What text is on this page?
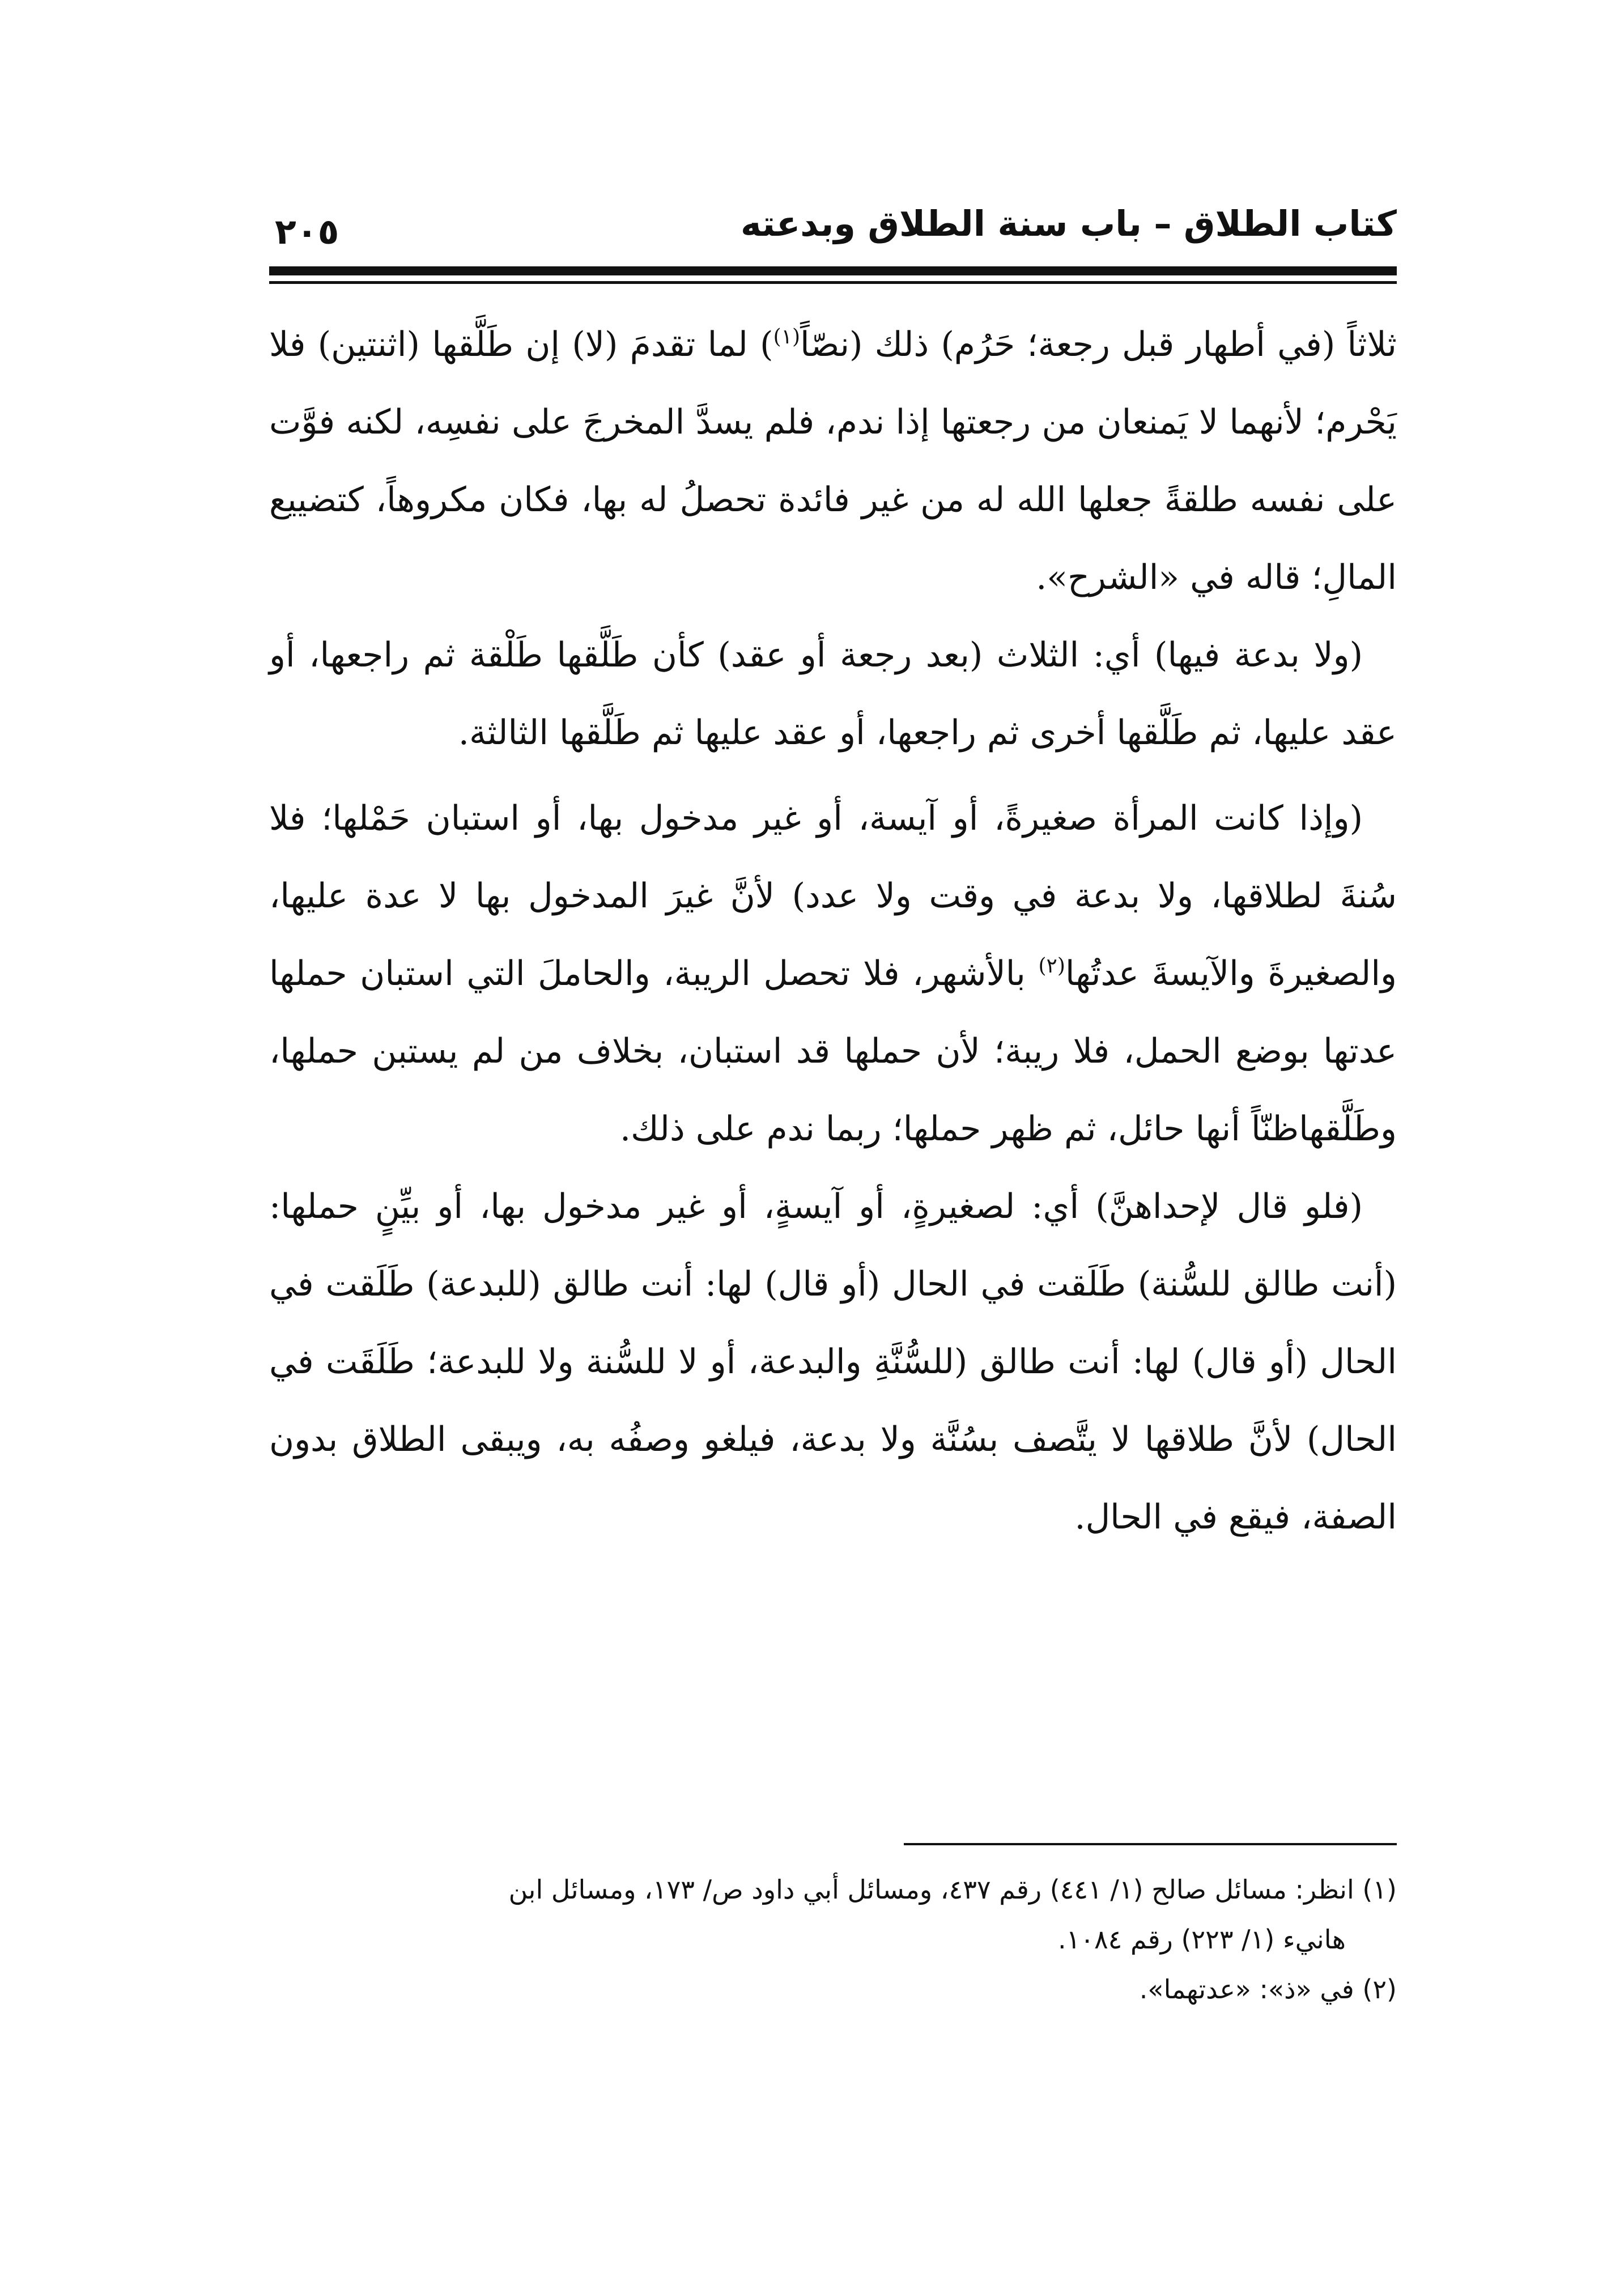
كتاب الطلاق – باب سنة الطلاق وبدعته
٢٠٥

ثلاثاً (في أطهار قبل رجعة؛ حَرُم) ذلك (نصّاً$^{(١)}$) لما تقدمَ (لا) إن طَلَّقها (اثنتين) فلا يَحْرم؛ لأنهما لا يَمنعان من رجعتها إذا ندم، فلم يسدَّ المخرجَ على نفسِه، لكنه فوَّت على نفسه طلقةً جعلها الله له من غير فائدة تحصلُ له بها، فكان مكروهاً، كتضييع المالِ؛ قاله في «الشرح».

(ولا بدعة فيها) أي: الثلاث (بعد رجعة أو عقد) كأن طَلَّقها طَلْقة ثم راجعها، أو عقد عليها، ثم طَلَّقها أخرى ثم راجعها، أو عقد عليها ثم طَلَّقها الثالثة.

(وإذا كانت المرأة صغيرةً، أو آيسة، أو غير مدخول بها، أو استبان حَمْلها؛ فلا سُنةَ لطلاقها، ولا بدعة في وقت ولا عدد) لأنَّ غيرَ المدخول بها لا عدة عليها، والصغيرةَ والآيسةَ عدتُها$^{(٢)}$ بالأشهر، فلا تحصل الريبة، والحاملَ التي استبان حملها عدتها بوضع الحمل، فلا ريبة؛ لأن حملها قد استبان، بخلاف من لم يستبن حملها، وطَلَّقهاظنّاً أنها حائل، ثم ظهر حملها؛ ربما ندم على ذلك.

(فلو قال لإحداهنَّ) أي: لصغيرةٍ، أو آيسةٍ، أو غير مدخول بها، أو بيِّنٍ حملها: (أنت طالق للسُّنة) طَلَقت في الحال (أو قال) لها: أنت طالق (للبدعة) طَلَقت في الحال (أو قال) لها: أنت طالق (للسُّنَّةِ والبدعة، أو لا للسُّنة ولا للبدعة؛ طَلَقَت في الحال) لأنَّ طلاقها لا يتَّصف بسُنَّة ولا بدعة، فيلغو وصفُه به، ويبقى الطلاق بدون الصفة، فيقع في الحال.

(١) انظر: مسائل صالح (١/ ٤٤١) رقم ٤٣٧، ومسائل أبي داود ص/ ١٧٣، ومسائل ابن

هانيء (١/ ٢٢٣) رقم ١٠٨٤.

(٢) في «ذ»: «عدتهما».
